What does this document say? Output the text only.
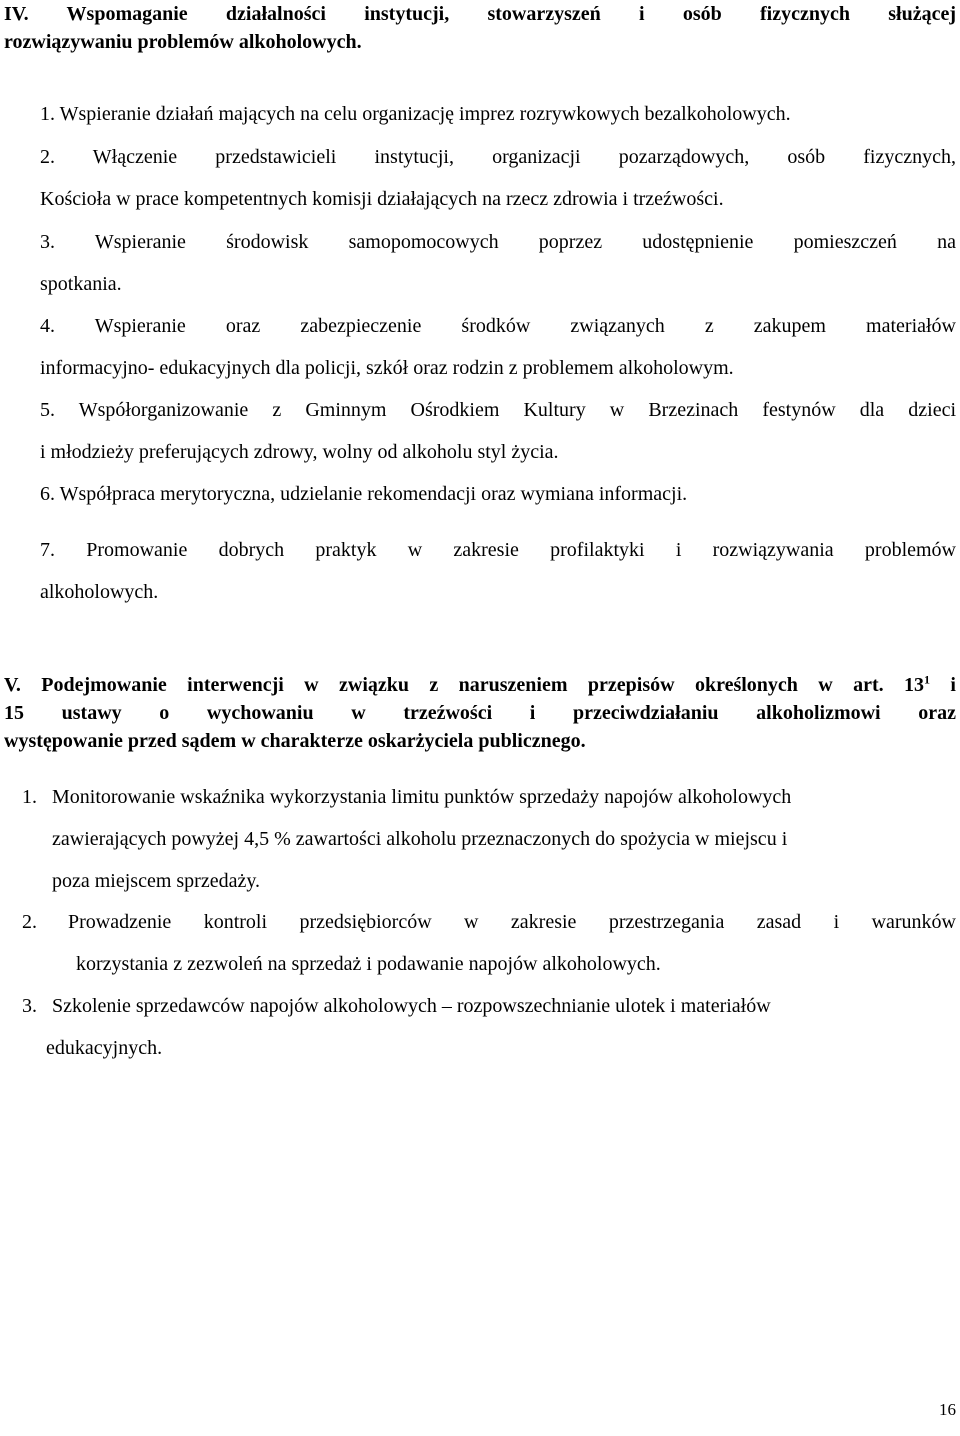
IV. Wspomaganie działalności instytucji, stowarzyszeń i osób fizycznych służącej
rozwiązywaniu problemów alkoholowych.
1. Wspieranie działań mających na celu organizację imprez rozrywkowych bezalkoholowych.
2. Włączenie przedstawicieli instytucji, organizacji pozarządowych, osób fizycznych,
Kościoła w prace kompetentnych komisji działających na rzecz zdrowia i trzeźwości.
3. Wspieranie środowisk samopomocowych poprzez udostępnienie pomieszczeń na
spotkania.
4. Wspieranie oraz zabezpieczenie środków związanych z zakupem materiałów
informacyjno- edukacyjnych dla policji, szkół oraz rodzin z problemem alkoholowym.
5. Współorganizowanie z Gminnym Ośrodkiem Kultury w Brzezinach festynów dla dzieci
i młodzieży preferujących zdrowy, wolny od alkoholu styl życia.
6. Współpraca merytoryczna, udzielanie rekomendacji oraz wymiana informacji.
7. Promowanie dobrych praktyk w zakresie profilaktyki i rozwiązywania problemów
alkoholowych.
V. Podejmowanie interwencji w związku z naruszeniem przepisów określonych w art. $13^1$ i
15 ustawy o wychowaniu w trzeźwości i przeciwdziałaniu alkoholizmowi oraz
występowanie przed sądem w charakterze oskarżyciela publicznego.
1. Monitorowanie wskaźnika wykorzystania limitu punktów sprzedaży napojów alkoholowych
zawierających powyżej 4,5 % zawartości alkoholu przeznaczonych do spożycia w miejscu i
poza miejscem sprzedaży.
2.	Prowadzenie kontroli przedsiębiorców w zakresie przestrzegania zasad i warunków
korzystania z zezwoleń na sprzedaż i podawanie napojów alkoholowych.
3. Szkolenie sprzedawców napojów alkoholowych – rozpowszechnianie ulotek i materiałów
edukacyjnych.
16
